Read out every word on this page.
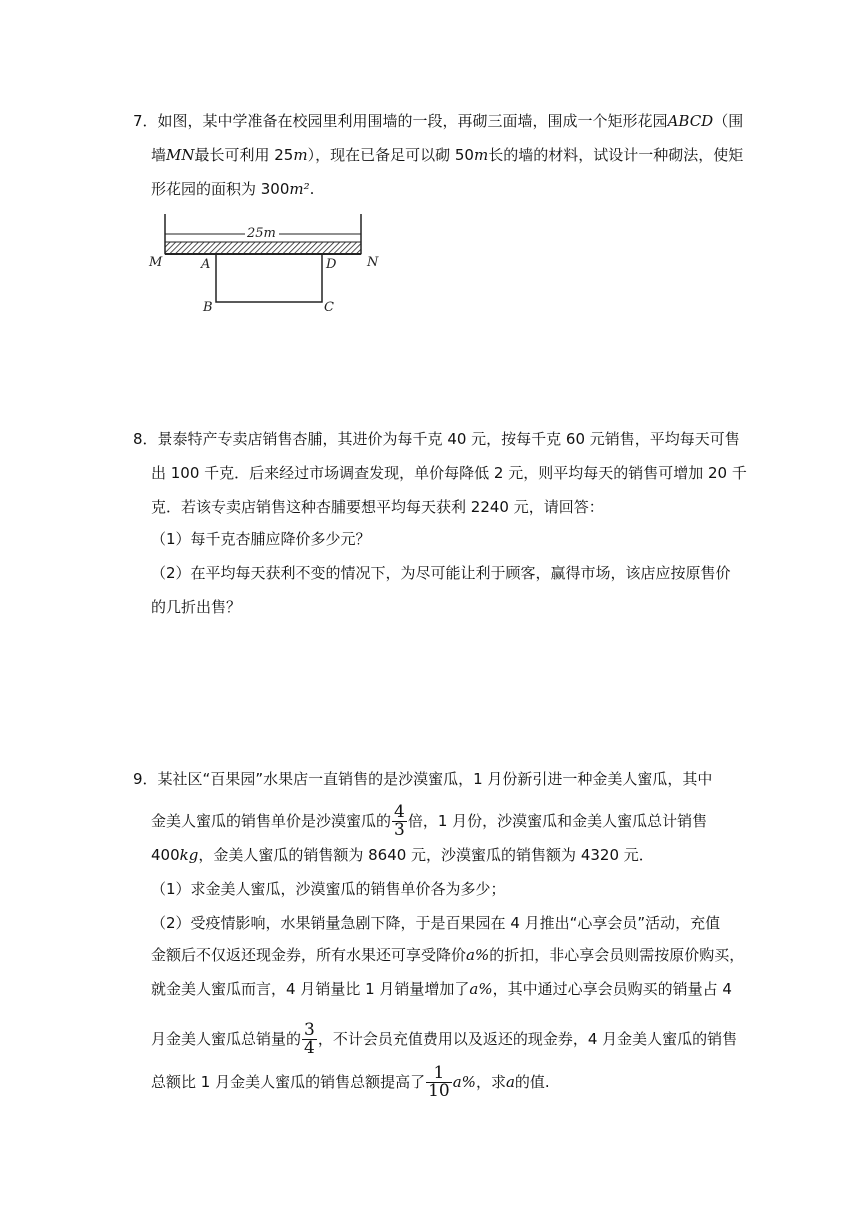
7．如图，某中学准备在校园里利用围墙的一段，再砌三面墙，围成一个矩形花园ABCD（围
墙MN最长可利用 25m），现在已备足可以砌 50m长的墙的材料，试设计一种砌法，使矩
形花园的面积为 300m².
25m
M	A	D N
B	C
8．景泰特产专卖店销售杏脯，其进价为每千克 40 元，按每千克 60 元销售，平均每天可售
出 100 千克．后来经过市场调查发现，单价每降低 2 元，则平均每天的销售可增加 20 千
克．若该专卖店销售这种杏脯要想平均每天获利 2240 元，请回答：
（1）每千克杏脯应降价多少元？
（2）在平均每天获利不变的情况下，为尽可能让利于顾客，赢得市场，该店应按原售价
的几折出售？
9．某社区“百果园”水果店一直销售的是沙漠蜜瓜，1 月份新引进一种金美人蜜瓜，其中
金美人蜜瓜的销售单价是沙漠蜜瓜的 $\frac{4}{3}$ 倍，1 月份，沙漠蜜瓜和金美人蜜瓜总计销售
400kg，金美人蜜瓜的销售额为 8640 元，沙漠蜜瓜的销售额为 4320 元．
（1）求金美人蜜瓜，沙漠蜜瓜的销售单价各为多少；
（2）受疫情影响，水果销量急剧下降，于是百果园在 4 月推出“心享会员”活动，充值
金额后不仅返还现金券，所有水果还可享受降价a%的折扣，非心享会员则需按原价购买，
就金美人蜜瓜而言，4 月销量比 1 月销量增加了a%，其中通过心享会员购买的销量占 4
月金美人蜜瓜总销量的 $\frac{3}{4}$ ，不计会员充值费用以及返还的现金券，4 月金美人蜜瓜的销售
总额比 1 月金美人蜜瓜的销售总额提高了 $\frac{1}{10} a\%$，求a的值.
